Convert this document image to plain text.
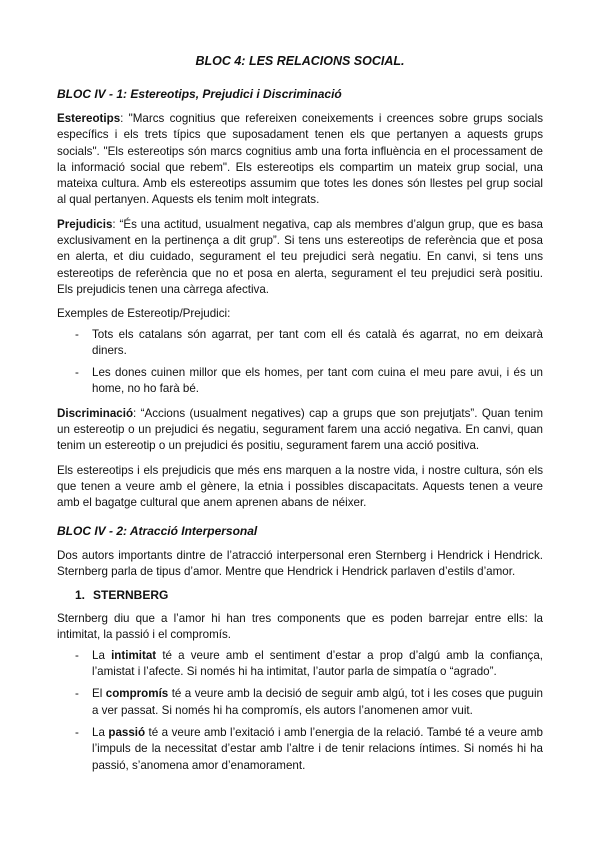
BLOC 4: LES RELACIONS SOCIAL.
BLOC IV - 1: Estereotips, Prejudici i Discriminació

Estereotips: "Marcs cognitius que refereixen coneixements i creences sobre grups socials específics i els trets típics que suposadament tenen els que pertanyen a aquests grups socials". "Els estereotips són marcs cognitius amb una forta influència en el processament de la informació social que rebem". Els estereotips els compartim un mateix grup social, una mateixa cultura. Amb els estereotips assumim que totes les dones són llestes pel grup social al qual pertanyen. Aquests els tenim molt integrats.

Prejudicis: “És una actitud, usualment negativa, cap als membres d’algun grup, que es basa exclusivament en la pertinença a dit grup”. Si tens uns estereotips de referència que et posa en alerta, et diu cuidado, segurament el teu prejudici serà negatiu. En canvi, si tens uns estereotips de referència que no et posa en alerta, segurament el teu prejudici serà positiu. Els prejudicis tenen una càrrega afectiva.

Exemples de Estereotip/Prejudici:

- Tots els catalans són agarrat, per tant com ell és català és agarrat, no em deixarà diners.
- Les dones cuinen millor que els homes, per tant com cuina el meu pare avui, i és un home, no ho farà bé.

Discriminació: “Accions (usualment negatives) cap a grups que son prejutjats”. Quan tenim un estereotip o un prejudici és negatiu, segurament farem una acció negativa. En canvi, quan tenim un estereotip o un prejudici és positiu, segurament farem una acció positiva.

Els estereotips i els prejudicis que més ens marquen a la nostre vida, i nostre cultura, són els que tenen a veure amb el gènere, la etnia i possibles discapacitats. Aquests tenen a veure amb el bagatge cultural que anem aprenen abans de néixer.

BLOC IV - 2: Atracció Interpersonal

Dos autors importants dintre de l’atracció interpersonal eren Sternberg i Hendrick i Hendrick. Sternberg parla de tipus d’amor. Mentre que Hendrick i Hendrick parlaven d’estils d’amor.

1. STERNBERG

Sternberg diu que a l’amor hi han tres components que es poden barrejar entre ells: la intimitat, la passió i el compromís.

- La intimitat té a veure amb el sentiment d’estar a prop d’algú amb la confiança, l’amistat i l’afecte. Si només hi ha intimitat, l’autor parla de simpatía o “agrado”.
- El compromís té a veure amb la decisió de seguir amb algú, tot i les coses que puguin a ver passat. Si només hi ha compromís, els autors l’anomenen amor vuit.
- La passió té a veure amb l’exitació i amb l’energia de la relació. També té a veure amb l’impuls de la necessitat d’estar amb l’altre i de tenir relacions íntimes. Si només hi ha passió, s’anomena amor d’enamorament.
